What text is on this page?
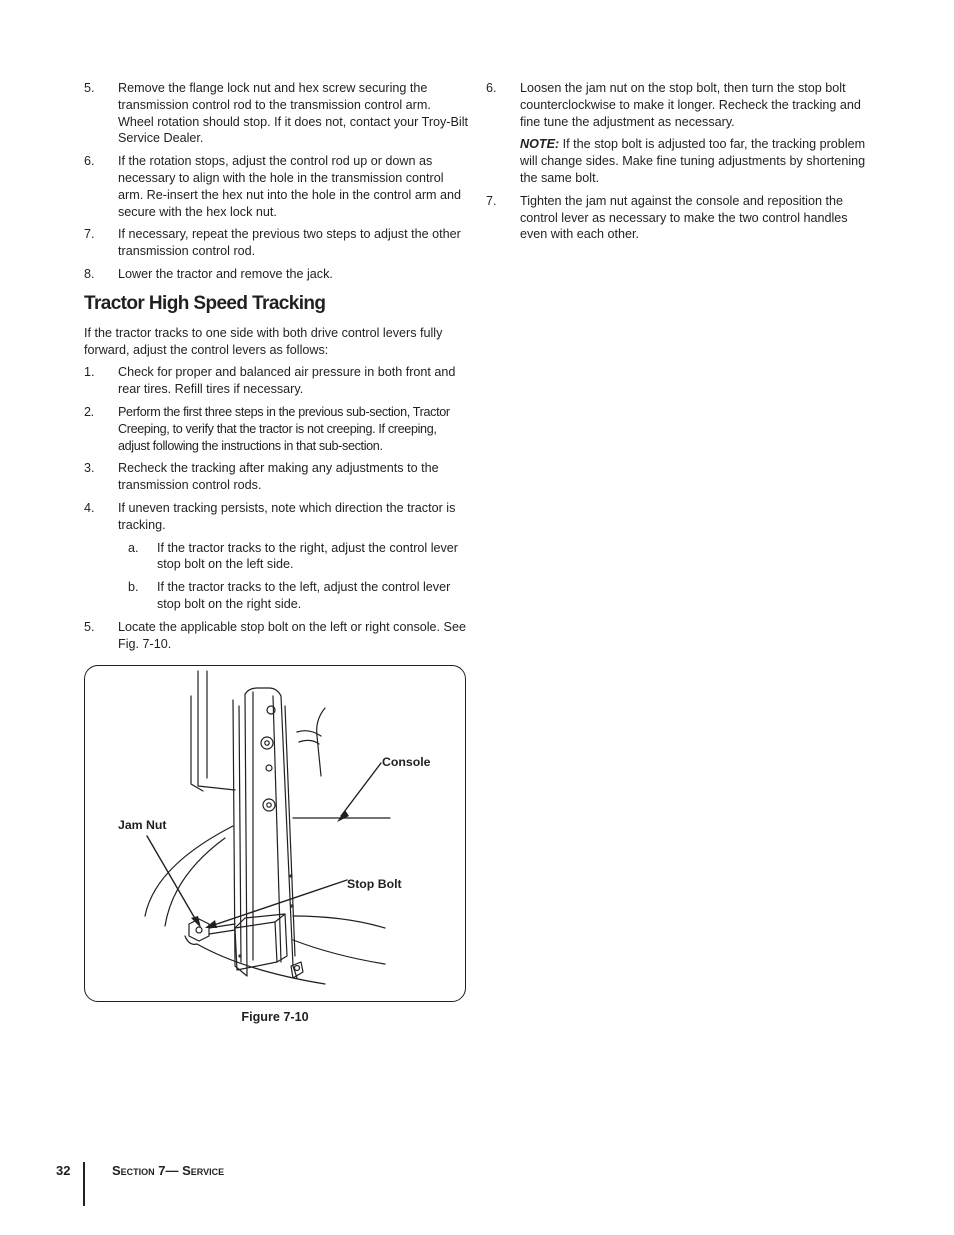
5. Remove the flange lock nut and hex screw securing the transmission control rod to the transmission control arm. Wheel rotation should stop. If it does not, contact your Troy-Bilt Service Dealer.
6. If the rotation stops, adjust the control rod up or down as necessary to align with the hole in the transmission control arm. Re-insert the hex nut into the hole in the control arm and secure with the hex lock nut.
7. If necessary, repeat the previous two steps to adjust the other transmission control rod.
8. Lower the tractor and remove the jack.
Tractor High Speed Tracking

If the tractor tracks to one side with both drive control levers fully forward, adjust the control levers as follows:

1. Check for proper and balanced air pressure in both front and rear tires. Refill tires if necessary.
2. Perform the first three steps in the previous sub-section, Tractor Creeping, to verify that the tractor is not creeping. If creeping, adjust following the instructions in that sub-section.
3. Recheck the tracking after making any adjustments to the transmission control rods.
4. If uneven tracking persists, note which direction the tractor is tracking.
a. If the tractor tracks to the right, adjust the control lever stop bolt on the left side.
b. If the tractor tracks to the left, adjust the control lever stop bolt on the right side.
5. Locate the applicable stop bolt on the left or right console. See Fig. 7-10.
6. Loosen the jam nut on the stop bolt, then turn the stop bolt counterclockwise to make it longer. Recheck the tracking and fine tune the adjustment as necessary.
NOTE: If the stop bolt is adjusted too far, the tracking problem will change sides. Make fine tuning adjustments by shortening the same bolt.
7. Tighten the jam nut against the console and reposition the control lever as necessary to make the two control handles even with each other.
Console
Jam Nut
Stop Bolt
Figure 7-10
32	Section 7— Service
